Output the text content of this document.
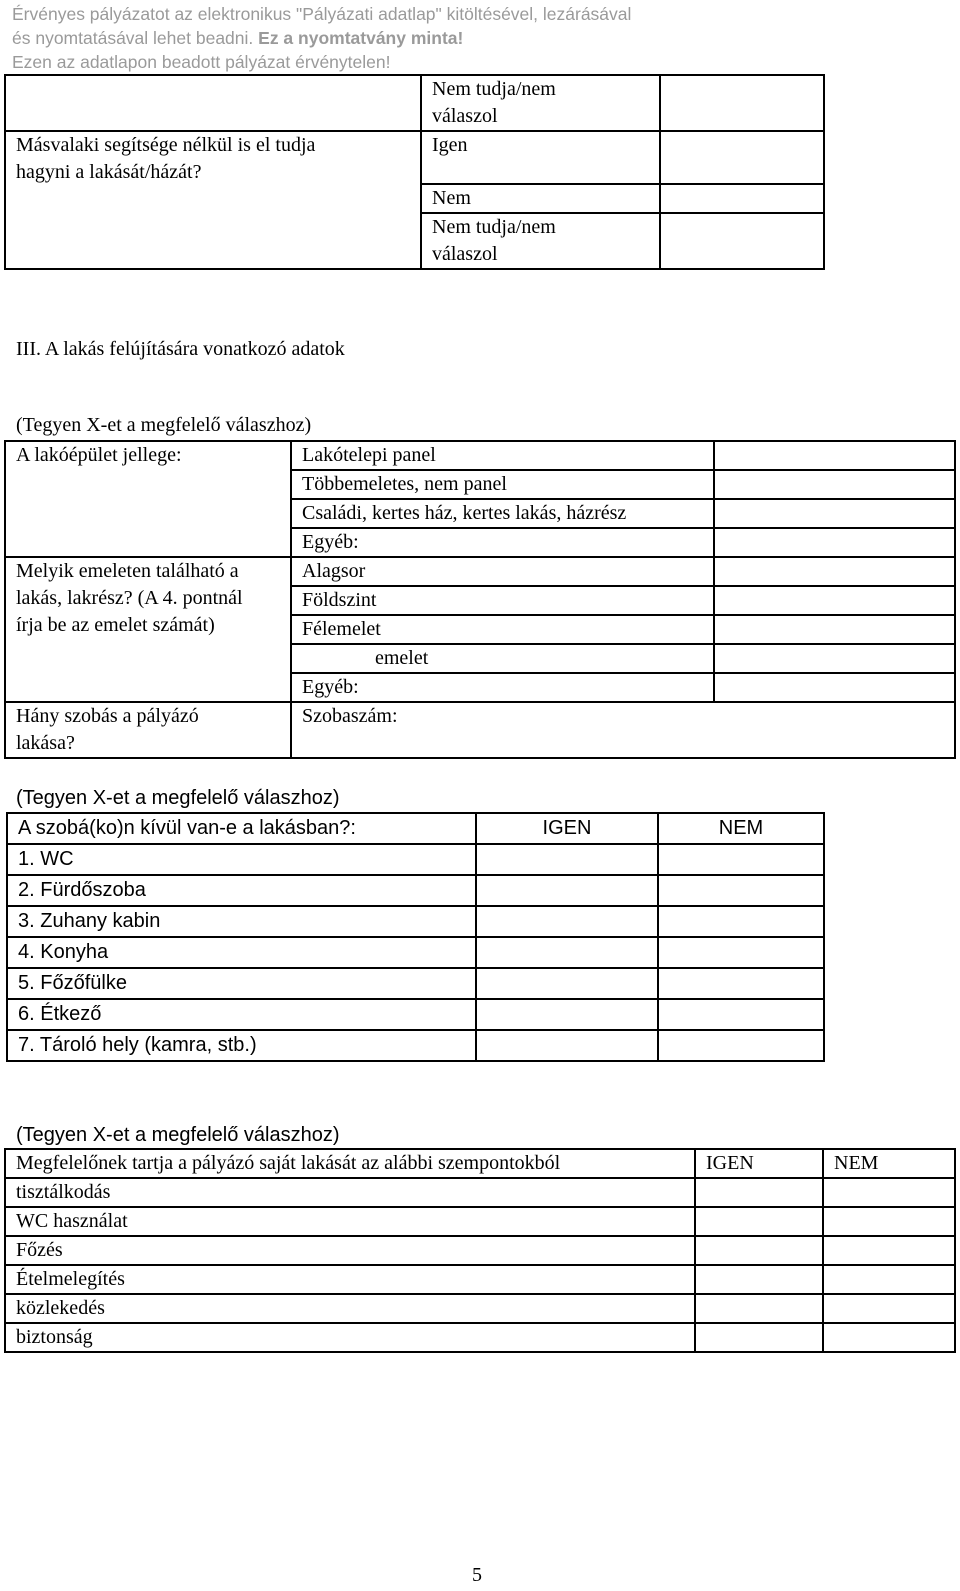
Érvényes pályázatot az elektronikus "Pályázati adatlap" kitöltésével, lezárásával
és nyomtatásával lehet beadni. Ez a nyomtatvány minta!
Ezen az adatlapon beadott pályázat érvénytelen!

	Nem tudja/nem
válaszol	

Másvalaki segítsége nélkül is el tudja
hagyni a lakását/házát?	Igen	

	Nem	

	Nem tudja/nem
válaszol	

III. A lakás felújítására vonatkozó adatok
(Tegyen X-et a megfelelő válaszhoz)
A lakóépület jellege:	Lakótelepi panel	

	Többemeletes, nem panel	

	Családi, kertes ház, kertes lakás, házrész	

	Egyéb:	

Melyik emeleten található a
lakás, lakrész? (A 4. pontnál
írja be az emelet számát)	Alagsor	

	Földszint	

	Félemelet	

	emelet	

	Egyéb:	

Hány szobás a pályázó
lakása?	Szobaszám:	
(Tegyen X-et a megfelelő válaszhoz)
A szobá(ko)n kívül van-e a lakásban?:	IGEN	NEM
1. WC		
2. Fürdőszoba		
3. Zuhany kabin		
4. Konyha		
5. Főzőfülke		
6. Étkező		
7. Tároló hely (kamra, stb.)		
(Tegyen X-et a megfelelő válaszhoz)
Megfelelőnek tartja a pályázó saját lakását az alábbi szempontokból	IGEN	NEM

tisztálkodás		

WC használat		

Főzés		

Ételmelegítés		

közlekedés		

biztonság		

5
